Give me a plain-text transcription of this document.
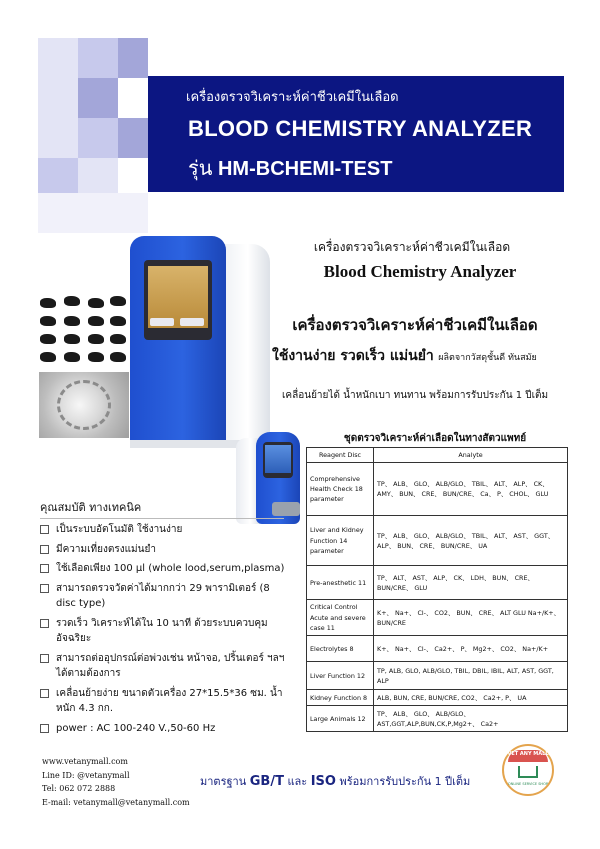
เครื่องตรวจวิเคราะห์ค่าชีวเคมีในเลือด
BLOOD CHEMISTRY ANALYZER
รุ่น HM-BCHEMI-TEST
เครื่องตรวจวิเคราะห์ค่าชีวเคมีในเลือด
Blood Chemistry Analyzer
เครื่องตรวจวิเคราะห์ค่าชีวเคมีในเลือด
ใช้งานง่าย รวดเร็ว แม่นยำ ผลิตจากวัสดุชั้นดี ทันสมัย
เคลื่อนย้ายได้ น้ำหนักเบา ทนทาน พร้อมการรับประกัน 1 ปีเต็ม
ชุดตรวจวิเคราะห์ค่าเลือดในทางสัตวแพทย์
Reagent Disc	Analyte
Comprehensive Health Check 18 parameter	TP、 ALB、 GLO、 ALB/GLO、 TBIL、 ALT、 ALP、 CK、 AMY、 BUN、 CRE、 BUN/CRE、 Ca、 P、 CHOL、 GLU
Liver and Kidney Function 14 parameter	TP、 ALB、 GLO、 ALB/GLO、 TBIL、 ALT、 AST、 GGT、 ALP、 BUN、 CRE、 BUN/CRE、 UA
Pre-anesthetic 11	TP、 ALT、 AST、 ALP、 CK、 LDH、 BUN、 CRE、 BUN/CRE、 GLU
Critical Control Acute and severe case 11	K+、 Na+、 Cl-、 CO2、 BUN、 CRE、 ALT GLU Na+/K+、 BUN/CRE
Electrolytes 8	K+、 Na+、 Cl-、 Ca2+、 P、 Mg2+、 CO2、 Na+/K+
Liver Function 12	TP, ALB, GLO, ALB/GLO, TBIL, DBIL, IBIL, ALT, AST, GGT, ALP
Kidney Function 8	ALB, BUN, CRE, BUN/CRE, CO2、 Ca2+, P、 UA
Large Animals 12	TP、 ALB、 GLO、 ALB/GLO、 AST,GGT,ALP,BUN,CK,P,Mg2+、 Ca2+
คุณสมบัติ ทางเทคนิค
เป็นระบบอัตโนมัติ ใช้งานง่าย
มีความเที่ยงตรงแม่นยำ
ใช้เลือดเพียง 100 µl (whole lood,serum,plasma)
สามารถตรวจวัดค่าได้มากกว่า 29 พารามิเตอร์ (8 disc type)
รวดเร็ว วิเคราะห์ได้ใน 10 นาที ด้วยระบบควบคุมอัจฉริยะ
สามารถต่ออุปกรณ์ต่อพ่วงเช่น หน้าจอ, ปริ้นเตอร์ ฯลฯ ได้ตามต้องการ
เคลื่อนย้ายง่าย ขนาดตัวเครื่อง 27*15.5*36 ซม. น้ำหนัก 4.3 กก.
power : AC 100-240 V.,50-60 Hz
www.vetanymall.com
Line ID: @vetanymall
Tel: 062 072 2888
E-mail: vetanymall@vetanymall.com
มาตรฐาน GB/T และ ISO พร้อมการรับประกัน 1 ปีเต็ม
VET ANY MALL
ONLINE SERVICE SHOP
